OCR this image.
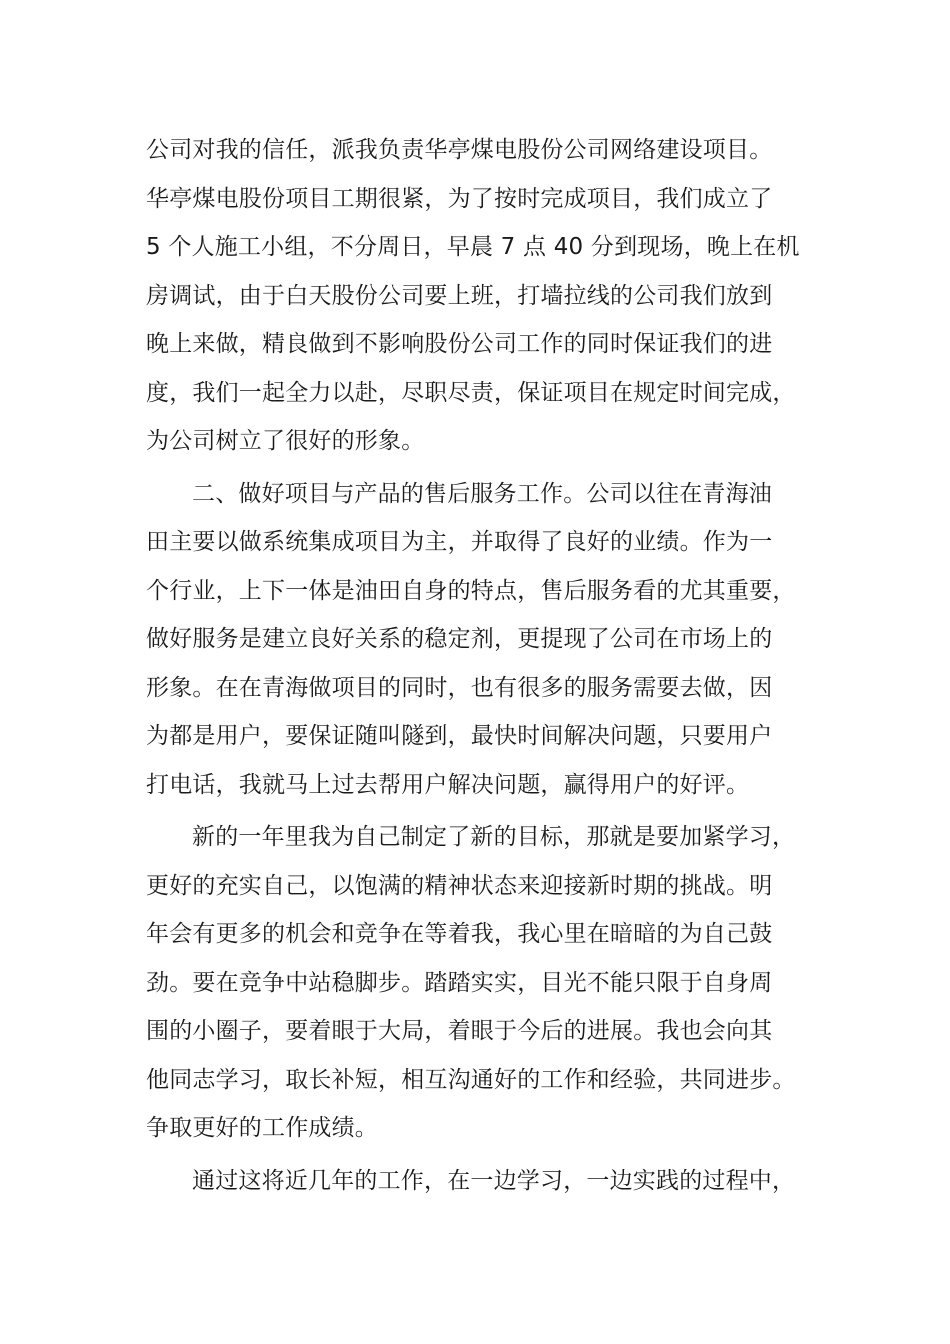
公司对我的信任，派我负责华亭煤电股份公司网络建设项目。
华亭煤电股份项目工期很紧，为了按时完成项目，我们成立了
5 个人施工小组，不分周日，早晨 7 点 40 分到现场，晚上在机
房调试，由于白天股份公司要上班，打墙拉线的公司我们放到
晚上来做，精良做到不影响股份公司工作的同时保证我们的进
度，我们一起全力以赴，尽职尽责，保证项目在规定时间完成，
为公司树立了很好的形象。
二、做好项目与产品的售后服务工作。公司以往在青海油
田主要以做系统集成项目为主，并取得了良好的业绩。作为一
个行业，上下一体是油田自身的特点，售后服务看的尤其重要，
做好服务是建立良好关系的稳定剂，更提现了公司在市场上的
形象。在在青海做项目的同时，也有很多的服务需要去做，因
为都是用户，要保证随叫隧到，最快时间解决问题，只要用户
打电话，我就马上过去帮用户解决问题，赢得用户的好评。
新的一年里我为自己制定了新的目标，那就是要加紧学习，
更好的充实自己，以饱满的精神状态来迎接新时期的挑战。明
年会有更多的机会和竞争在等着我，我心里在暗暗的为自己鼓
劲。要在竞争中站稳脚步。踏踏实实，目光不能只限于自身周
围的小圈子，要着眼于大局，着眼于今后的进展。我也会向其
他同志学习，取长补短，相互沟通好的工作和经验，共同进步。
争取更好的工作成绩。
通过这将近几年的工作，在一边学习，一边实践的过程中，
